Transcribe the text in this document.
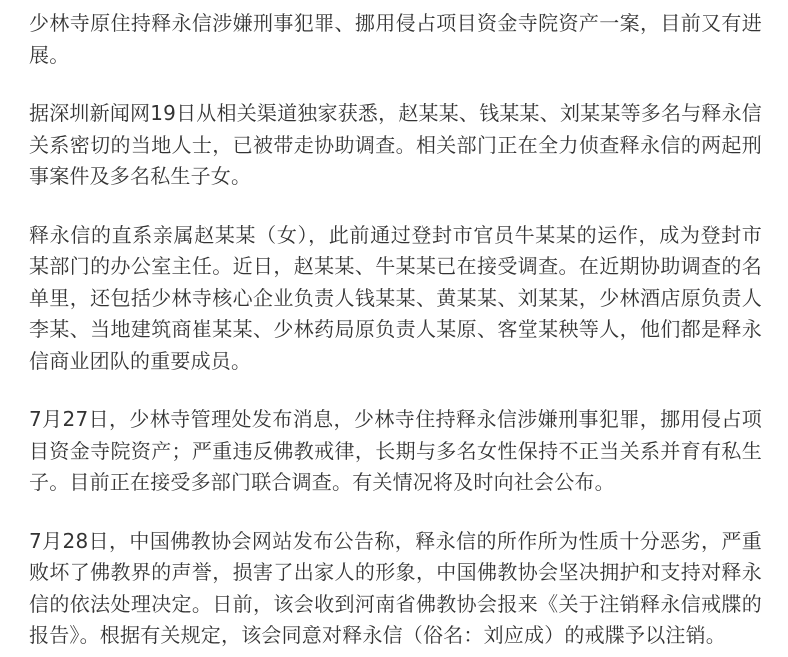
少林寺原住持释永信涉嫌刑事犯罪、挪用侵占项目资金寺院资产一案，目前又有进展。

据深圳新闻网19日从相关渠道独家获悉，赵某某、钱某某、刘某某等多名与释永信关系密切的当地人士，已被带走协助调查。相关部门正在全力侦查释永信的两起刑事案件及多名私生子女。

释永信的直系亲属赵某某（女），此前通过登封市官员牛某某的运作，成为登封市某部门的办公室主任。近日，赵某某、牛某某已在接受调查。在近期协助调查的名单里，还包括少林寺核心企业负责人钱某某、黄某某、刘某某，少林酒店原负责人李某、当地建筑商崔某某、少林药局原负责人某原、客堂某秧等人，他们都是释永信商业团队的重要成员。

7月27日，少林寺管理处发布消息，少林寺住持释永信涉嫌刑事犯罪，挪用侵占项目资金寺院资产；严重违反佛教戒律，长期与多名女性保持不正当关系并育有私生子。目前正在接受多部门联合调查。有关情况将及时向社会公布。

7月28日，中国佛教协会网站发布公告称，释永信的所作所为性质十分恶劣，严重败坏了佛教界的声誉，损害了出家人的形象，中国佛教协会坚决拥护和支持对释永信的依法处理决定。日前，该会收到河南省佛教协会报来《关于注销释永信戒牒的报告》。根据有关规定，该会同意对释永信（俗名：刘应成）的戒牒予以注销。
